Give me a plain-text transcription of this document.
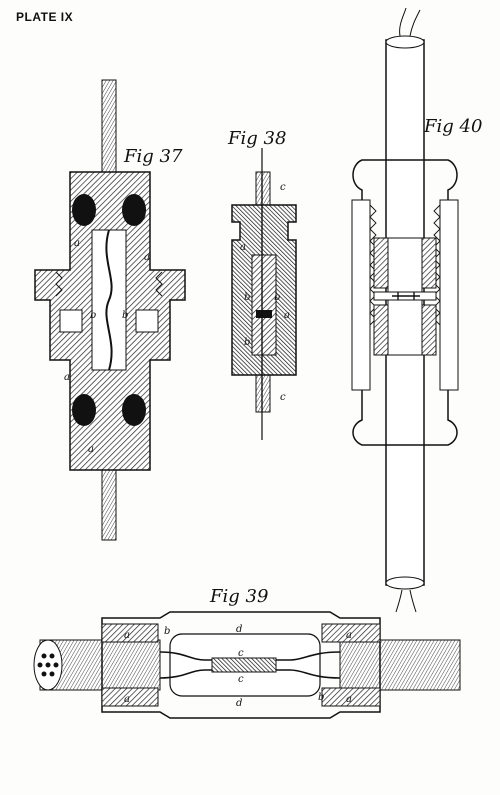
PLATE IX
Fig 37
Fig 38
Fig 40
Fig 39
a
a
a
a
b	b
c
c
c
a
b b
a
b
c
a
a
a
a
d
d
c
c
b
b
